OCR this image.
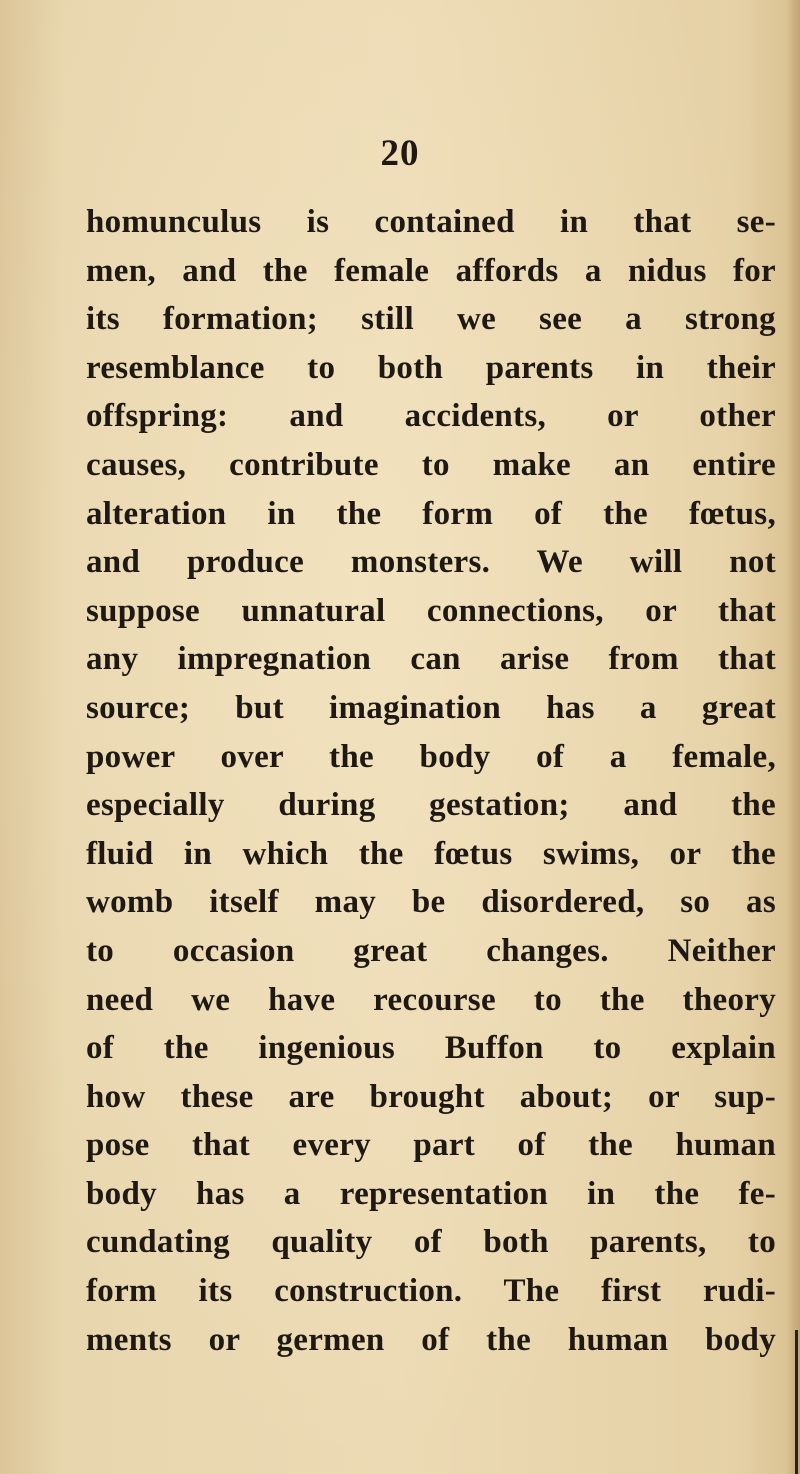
20
homunculus is contained in that se-
men, and the female affords a nidus for
its formation; still we see a strong
resemblance to both parents in their
offspring: and accidents, or other
causes, contribute to make an entire
alteration in the form of the fœtus,
and produce monsters. We will not
suppose unnatural connections, or that
any impregnation can arise from that
source; but imagination has a great
power over the body of a female,
especially during gestation; and the
fluid in which the fœtus swims, or the
womb itself may be disordered, so as
to occasion great changes. Neither
need we have recourse to the theory
of the ingenious Buffon to explain
how these are brought about; or sup-
pose that every part of the human
body has a representation in the fe-
cundating quality of both parents, to
form its construction. The first rudi-
ments or germen of the human body
